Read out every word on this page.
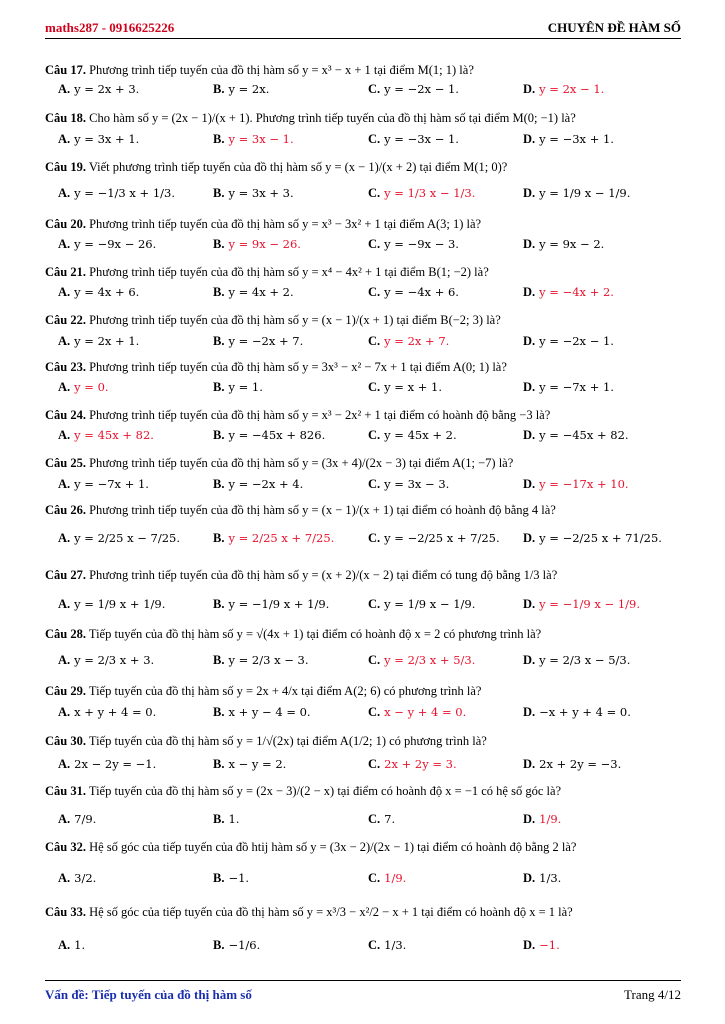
maths287 - 0916625226	CHUYÊN ĐỀ HÀM SỐ
Câu 17. Phương trình tiếp tuyến của đồ thị hàm số y = x³ − x + 1 tại điểm M(1; 1) là?
A. y = 2x + 3.	B. y = 2x.	C. y = −2x − 1.	D. y = 2x − 1.
Câu 18. Cho hàm số y = (2x − 1)/(x + 1). Phương trình tiếp tuyến của đồ thị hàm số tại điểm M(0; −1) là?
A. y = 3x + 1.	B. y = 3x − 1.	C. y = −3x − 1.	D. y = −3x + 1.
Câu 19. Viết phương trình tiếp tuyến của đồ thị hàm số y = (x − 1)/(x + 2) tại điểm M(1; 0)?
A. y = −1/3 x + 1/3.	B. y = 3x + 3.	C. y = 1/3 x − 1/3.	D. y = 1/9 x − 1/9.
Câu 20. Phương trình tiếp tuyến của đồ thị hàm số y = x³ − 3x² + 1 tại điểm A(3; 1) là?
A. y = −9x − 26.	B. y = 9x − 26.	C. y = −9x − 3.	D. y = 9x − 2.
Câu 21. Phương trình tiếp tuyến của đồ thị hàm số y = x⁴ − 4x² + 1 tại điểm B(1; −2) là?
A. y = 4x + 6.	B. y = 4x + 2.	C. y = −4x + 6.	D. y = −4x + 2.
Câu 22. Phương trình tiếp tuyến của đồ thị hàm số y = (x − 1)/(x + 1) tại điểm B(−2; 3) là?
A. y = 2x + 1.	B. y = −2x + 7.	C. y = 2x + 7.	D. y = −2x − 1.
Câu 23. Phương trình tiếp tuyến của đồ thị hàm số y = 3x³ − x² − 7x + 1 tại điểm A(0; 1) là?
A. y = 0.	B. y = 1.	C. y = x + 1.	D. y = −7x + 1.
Câu 24. Phương trình tiếp tuyến của đồ thị hàm số y = x³ − 2x² + 1 tại điểm có hoành độ bằng −3 là?
A. y = 45x + 82.	B. y = −45x + 826.	C. y = 45x + 2.	D. y = −45x + 82.
Câu 25. Phương trình tiếp tuyến của đồ thị hàm số y = (3x + 4)/(2x − 3) tại điểm A(1; −7) là?
A. y = −7x + 1.	B. y = −2x + 4.	C. y = 3x − 3.	D. y = −17x + 10.
Câu 26. Phương trình tiếp tuyến của đồ thị hàm số y = (x − 1)/(x + 1) tại điểm có hoành độ bằng 4 là?
A. y = 2/25 x − 7/25.	B. y = 2/25 x + 7/25.	C. y = −2/25 x + 7/25. D. y = −2/25 x + 71/25.
Câu 27. Phương trình tiếp tuyến của đồ thị hàm số y = (x + 2)/(x − 2) tại điểm có tung độ bằng 1/3 là?
A. y = 1/9 x + 1/9.	B. y = −1/9 x + 1/9.	C. y = 1/9 x − 1/9.	D. y = −1/9 x − 1/9.
Câu 28. Tiếp tuyến của đồ thị hàm số y = √(4x + 1) tại điểm có hoành độ x = 2 có phương trình là?
A. y = 2/3 x + 3.	B. y = 2/3 x − 3.	C. y = 2/3 x + 5/3.	D. y = 2/3 x − 5/3.
Câu 29. Tiếp tuyến của đồ thị hàm số y = 2x + 4/x tại điểm A(2; 6) có phương trình là?
A. x + y + 4 = 0.	B. x + y − 4 = 0.	C. x − y + 4 = 0.	D. −x + y + 4 = 0.
Câu 30. Tiếp tuyến của đồ thị hàm số y = 1/√(2x) tại điểm A(1/2; 1) có phương trình là?
A. 2x − 2y = −1.	B. x − y = 2.	C. 2x + 2y = 3.	D. 2x + 2y = −3.
Câu 31. Tiếp tuyến của đồ thị hàm số y = (2x − 3)/(2 − x) tại điểm có hoành độ x = −1 có hệ số góc là?
A. 7/9.	B. 1.	C. 7.	D. 1/9.
Câu 32. Hệ số góc của tiếp tuyến của đồ htij hàm số y = (3x − 2)/(2x − 1) tại điểm có hoành độ bằng 2 là?
A. 3/2.	B. −1.	C. 1/9.	D. 1/3.
Câu 33. Hệ số góc của tiếp tuyến của đồ thị hàm số y = x³/3 − x²/2 − x + 1 tại điểm có hoành độ x = 1 là?
A. 1.	B. −1/6.	C. 1/3.	D. −1.
Vấn đề: Tiếp tuyến của đồ thị hàm số	Trang 4/12
